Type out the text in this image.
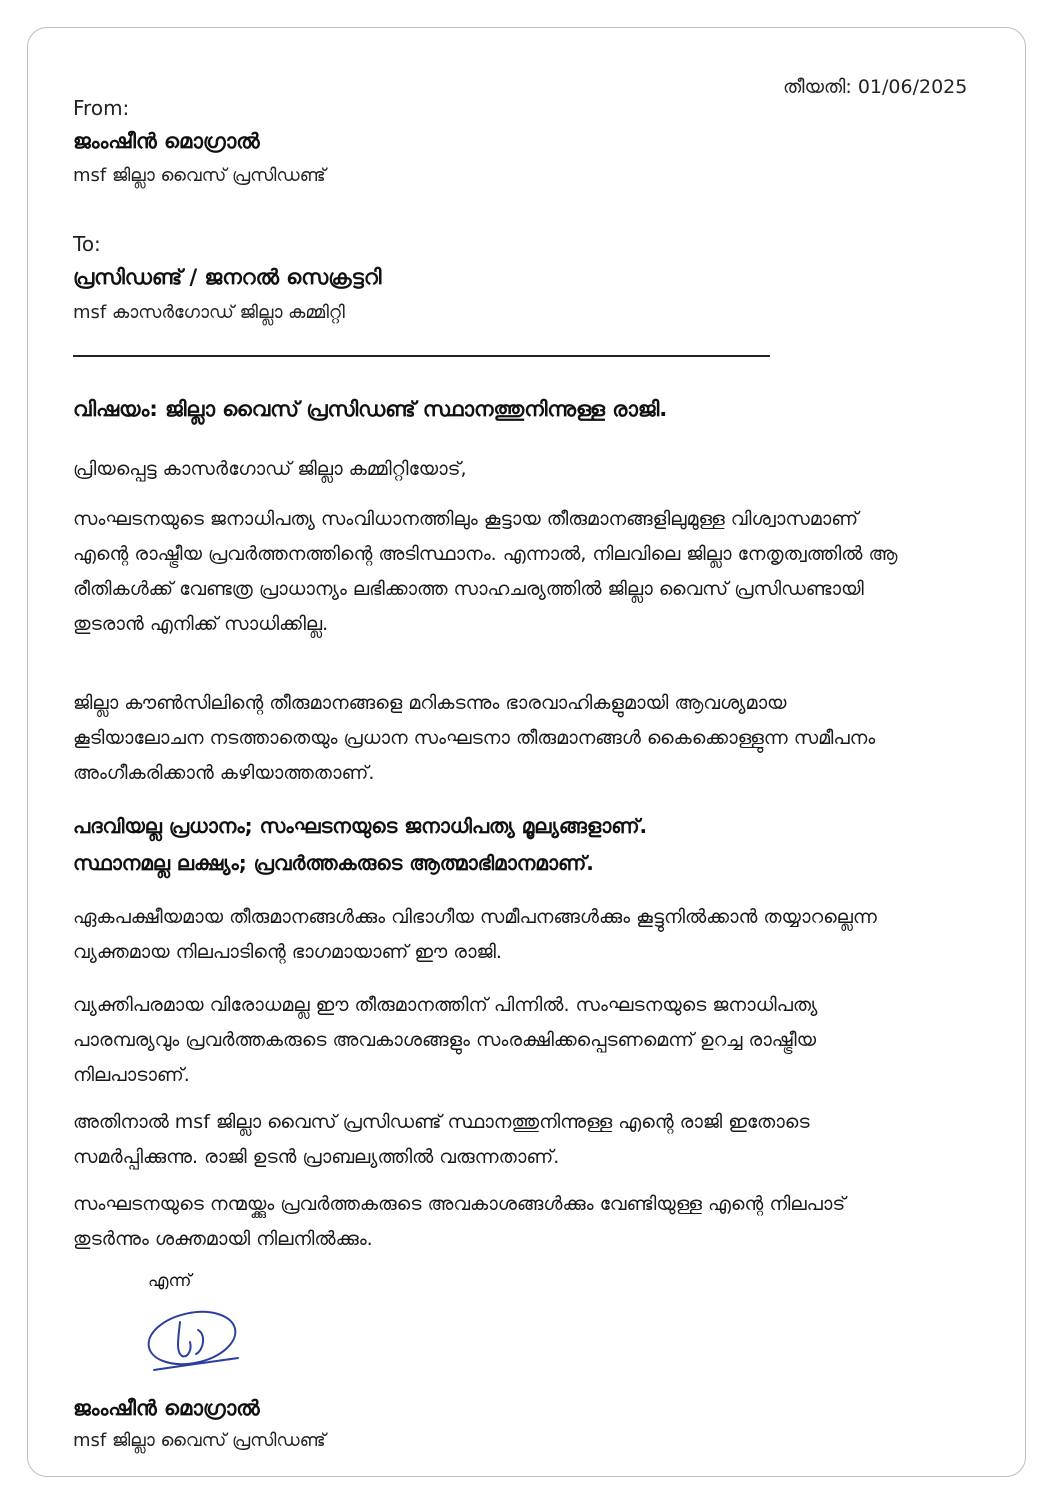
തീയതി: 01/06/2025
From:
ജംംഷീൻ മൊഗ്രാൽ
msf ജില്ലാ വൈസ് പ്രസിഡണ്ട്
To:
പ്രസിഡണ്ട് / ജനറൽ സെക്രട്ടറി
msf കാസർഗോഡ് ജില്ലാ കമ്മിറ്റി
വിഷയം: ജില്ലാ വൈസ് പ്രസിഡണ്ട് സ്ഥാനത്തുനിന്നുള്ള രാജി.
പ്രിയപ്പെട്ട കാസർഗോഡ് ജില്ലാ കമ്മിറ്റിയോട്,
സംഘടനയുടെ ജനാധിപത്യ സംവിധാനത്തിലും കൂട്ടായ തീരുമാനങ്ങളിലുമുള്ള വിശ്വാസമാണ് എന്റെ രാഷ്ട്രീയ പ്രവർത്തനത്തിന്റെ അടിസ്ഥാനം. എന്നാൽ, നിലവിലെ ജില്ലാ നേതൃത്വത്തിൽ ആ രീതികൾക്ക് വേണ്ടത്ര പ്രാധാന്യം ലഭിക്കാത്ത സാഹചര്യത്തിൽ ജില്ലാ വൈസ് പ്രസിഡണ്ടായി തുടരാൻ എനിക്ക് സാധിക്കില്ല.
ജില്ലാ കൗൺസിലിന്റെ തീരുമാനങ്ങളെ മറികടന്നും ഭാരവാഹികളുമായി ആവശ്യമായ കൂടിയാലോചന നടത്താതെയും പ്രധാന സംഘടനാ തീരുമാനങ്ങൾ കൈക്കൊള്ളുന്ന സമീപനം അംഗീകരിക്കാൻ കഴിയാത്തതാണ്.
പദവിയല്ല പ്രധാനം; സംഘടനയുടെ ജനാധിപത്യ മൂല്യങ്ങളാണ്.
സ്ഥാനമല്ല ലക്ഷ്യം; പ്രവർത്തകരുടെ ആത്മാഭിമാനമാണ്.
ഏകപക്ഷീയമായ തീരുമാനങ്ങൾക്കും വിഭാഗീയ സമീപനങ്ങൾക്കും കൂട്ടുനിൽക്കാൻ തയ്യാറല്ലെന്ന വ്യക്തമായ നിലപാടിന്റെ ഭാഗമായാണ് ഈ രാജി.
വ്യക്തിപരമായ വിരോധമല്ല ഈ തീരുമാനത്തിന് പിന്നിൽ. സംഘടനയുടെ ജനാധിപത്യ പാരമ്പര്യവും പ്രവർത്തകരുടെ അവകാശങ്ങളും സംരക്ഷിക്കപ്പെടണമെന്ന് ഉറച്ച രാഷ്ട്രീയ നിലപാടാണ്.
അതിനാൽ msf ജില്ലാ വൈസ് പ്രസിഡണ്ട് സ്ഥാനത്തുനിന്നുള്ള എന്റെ രാജി ഇതോടെ സമർപ്പിക്കുന്നു. രാജി ഉടൻ പ്രാബല്യത്തിൽ വരുന്നതാണ്.
സംഘടനയുടെ നന്മയ്ക്കും പ്രവർത്തകരുടെ അവകാശങ്ങൾക്കും വേണ്ടിയുള്ള എന്റെ നിലപാട് തുടർന്നും ശക്തമായി നിലനിൽക്കും.
എന്ന്
ജംംഷീൻ മൊഗ്രാൽ
msf ജില്ലാ വൈസ് പ്രസിഡണ്ട്
